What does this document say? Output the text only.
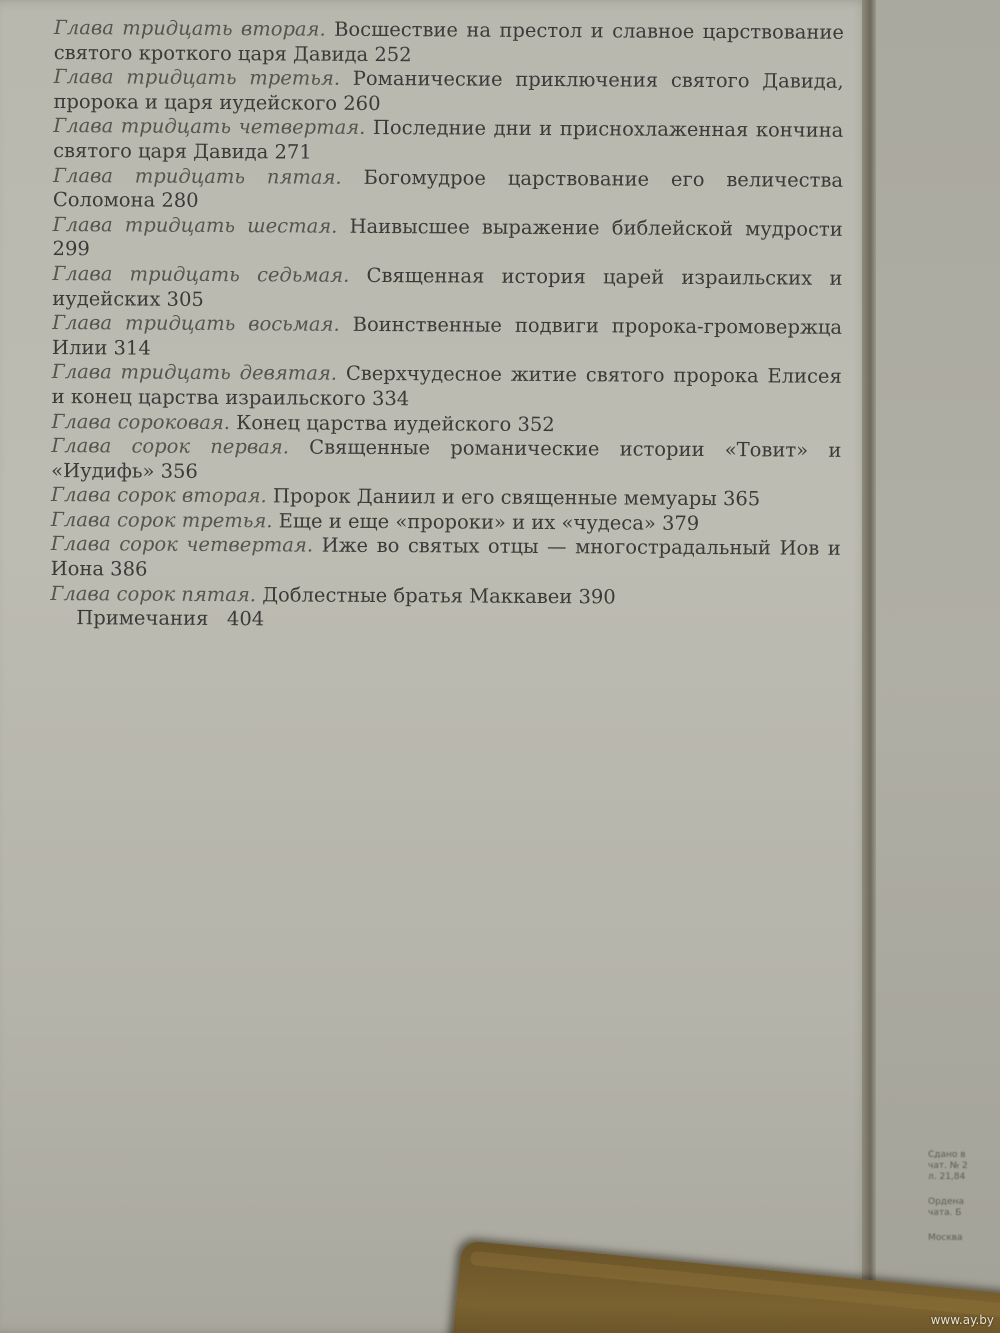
Глава тридцать вторая. Восшествие на престол и славное царствование святого кроткого царя Давида 252

Глава тридцать третья. Романические приключения святого Давида, пророка и царя иудейского 260

Глава тридцать четвертая. Последние дни и приснохлаженная кончина святого царя Давида 271

Глава тридцать пятая. Богомудрое царствование его величества Соломона 280

Глава тридцать шестая. Наивысшее выражение библейской мудрости 299

Глава тридцать седьмая. Священная история царей израильских и иудейских 305

Глава тридцать восьмая. Воинственные подвиги пророка-громовержца Илии 314

Глава тридцать девятая. Сверхчудесное житие святого пророка Елисея и конец царства израильского 334

Глава сороковая. Конец царства иудейского 352

Глава сорок первая. Священные романические истории «Товит» и «Иудифь» 356

Глава сорок вторая. Пророк Даниил и его священные мемуары 365

Глава сорок третья. Еще и еще «пророки» и их «чудеса» 379

Глава сорок четвертая. Иже во святых отцы — многострадальный Иов и Иона 386

Глава сорок пятая. Доблестные братья Маккавеи 390

Примечания 404

Сдано в
чат. № 2
л. 21,84
Ордена
чата. Б
Москва
www.ay.by
